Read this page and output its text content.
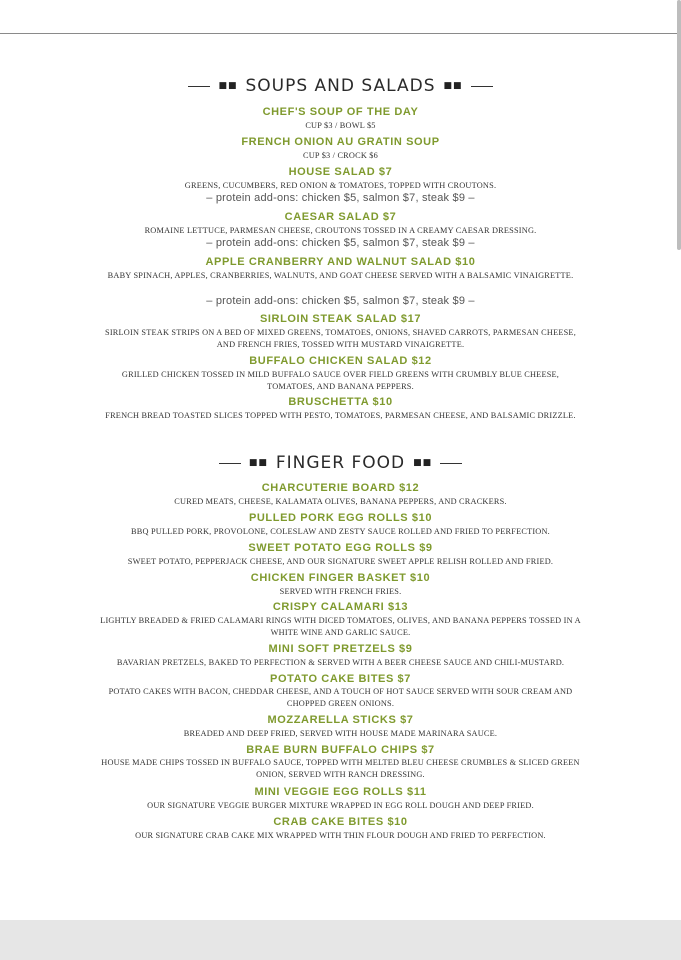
■■ SOUPS AND SALADS ■■
CHEF'S SOUP OF THE DAY
CUP $3 / BOWL $5
FRENCH ONION AU GRATIN SOUP
CUP $3 / CROCK $6
HOUSE SALAD $7
GREENS, CUCUMBERS, RED ONION & TOMATOES, TOPPED WITH CROUTONS.
– protein add-ons: chicken $5, salmon $7, steak $9 –
CAESAR SALAD $7
ROMAINE LETTUCE, PARMESAN CHEESE, CROUTONS TOSSED IN A CREAMY CAESAR DRESSING.
– protein add-ons: chicken $5, salmon $7, steak $9 –
APPLE CRANBERRY AND WALNUT SALAD $10
BABY SPINACH, APPLES, CRANBERRIES, WALNUTS, AND GOAT CHEESE SERVED WITH A BALSAMIC VINAIGRETTE.
– protein add-ons: chicken $5, salmon $7, steak $9 –
SIRLOIN STEAK SALAD $17
SIRLOIN STEAK STRIPS ON A BED OF MIXED GREENS, TOMATOES, ONIONS, SHAVED CARROTS, PARMESAN CHEESE, AND FRENCH FRIES, TOSSED WITH MUSTARD VINAIGRETTE.
BUFFALO CHICKEN SALAD $12
GRILLED CHICKEN TOSSED IN MILD BUFFALO SAUCE OVER FIELD GREENS WITH CRUMBLY BLUE CHEESE, TOMATOES, AND BANANA PEPPERS.
BRUSCHETTA $10
FRENCH BREAD TOASTED SLICES TOPPED WITH PESTO, TOMATOES, PARMESAN CHEESE, AND BALSAMIC DRIZZLE.
■■ FINGER FOOD ■■
CHARCUTERIE BOARD $12
CURED MEATS, CHEESE, KALAMATA OLIVES, BANANA PEPPERS, AND CRACKERS.
PULLED PORK EGG ROLLS $10
BBQ PULLED PORK, PROVOLONE, COLESLAW AND ZESTY SAUCE ROLLED AND FRIED TO PERFECTION.
SWEET POTATO EGG ROLLS $9
SWEET POTATO, PEPPERJACK CHEESE, AND OUR SIGNATURE SWEET APPLE RELISH ROLLED AND FRIED.
CHICKEN FINGER BASKET $10
SERVED WITH FRENCH FRIES.
CRISPY CALAMARI $13
LIGHTLY BREADED & FRIED CALAMARI RINGS WITH DICED TOMATOES, OLIVES, AND BANANA PEPPERS TOSSED IN A WHITE WINE AND GARLIC SAUCE.
MINI SOFT PRETZELS $9
BAVARIAN PRETZELS, BAKED TO PERFECTION & SERVED WITH A BEER CHEESE SAUCE AND CHILI-MUSTARD.
POTATO CAKE BITES $7
POTATO CAKES WITH BACON, CHEDDAR CHEESE, AND A TOUCH OF HOT SAUCE SERVED WITH SOUR CREAM AND CHOPPED GREEN ONIONS.
MOZZARELLA STICKS $7
BREADED AND DEEP FRIED, SERVED WITH HOUSE MADE MARINARA SAUCE.
BRAE BURN BUFFALO CHIPS $7
HOUSE MADE CHIPS TOSSED IN BUFFALO SAUCE, TOPPED WITH MELTED BLEU CHEESE CRUMBLES & SLICED GREEN ONION, SERVED WITH RANCH DRESSING.
MINI VEGGIE EGG ROLLS $11
OUR SIGNATURE VEGGIE BURGER MIXTURE WRAPPED IN EGG ROLL DOUGH AND DEEP FRIED.
CRAB CAKE BITES $10
OUR SIGNATURE CRAB CAKE MIX WRAPPED WITH THIN FLOUR DOUGH AND FRIED TO PERFECTION.
